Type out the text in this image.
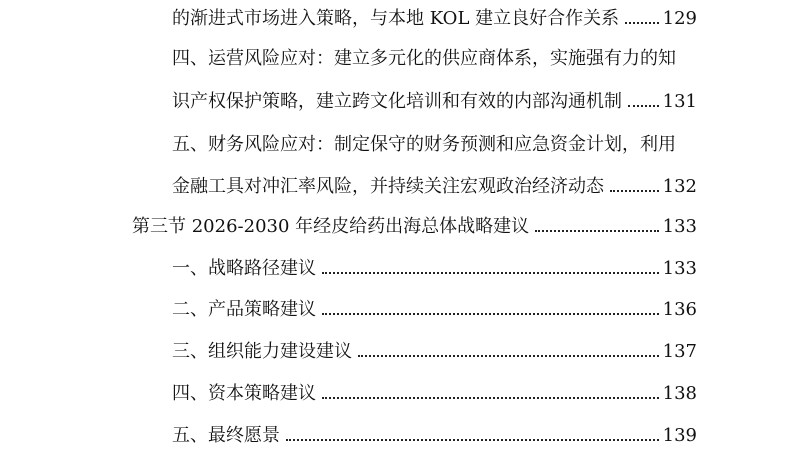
的渐进式市场进入策略，与本地 KOL 建立良好合作关系 129
四、运营风险应对：建立多元化的供应商体系，实施强有力的知
识产权保护策略，建立跨文化培训和有效的内部沟通机制 131
五、财务风险应对：制定保守的财务预测和应急资金计划，利用
金融工具对冲汇率风险，并持续关注宏观政治经济动态	132
第三节 2026-2030 年经皮给药出海总体战略建议	133
一、战略路径建议	133
二、产品策略建议	136
三、组织能力建设建议	137
四、资本策略建议	138
五、最终愿景	139
